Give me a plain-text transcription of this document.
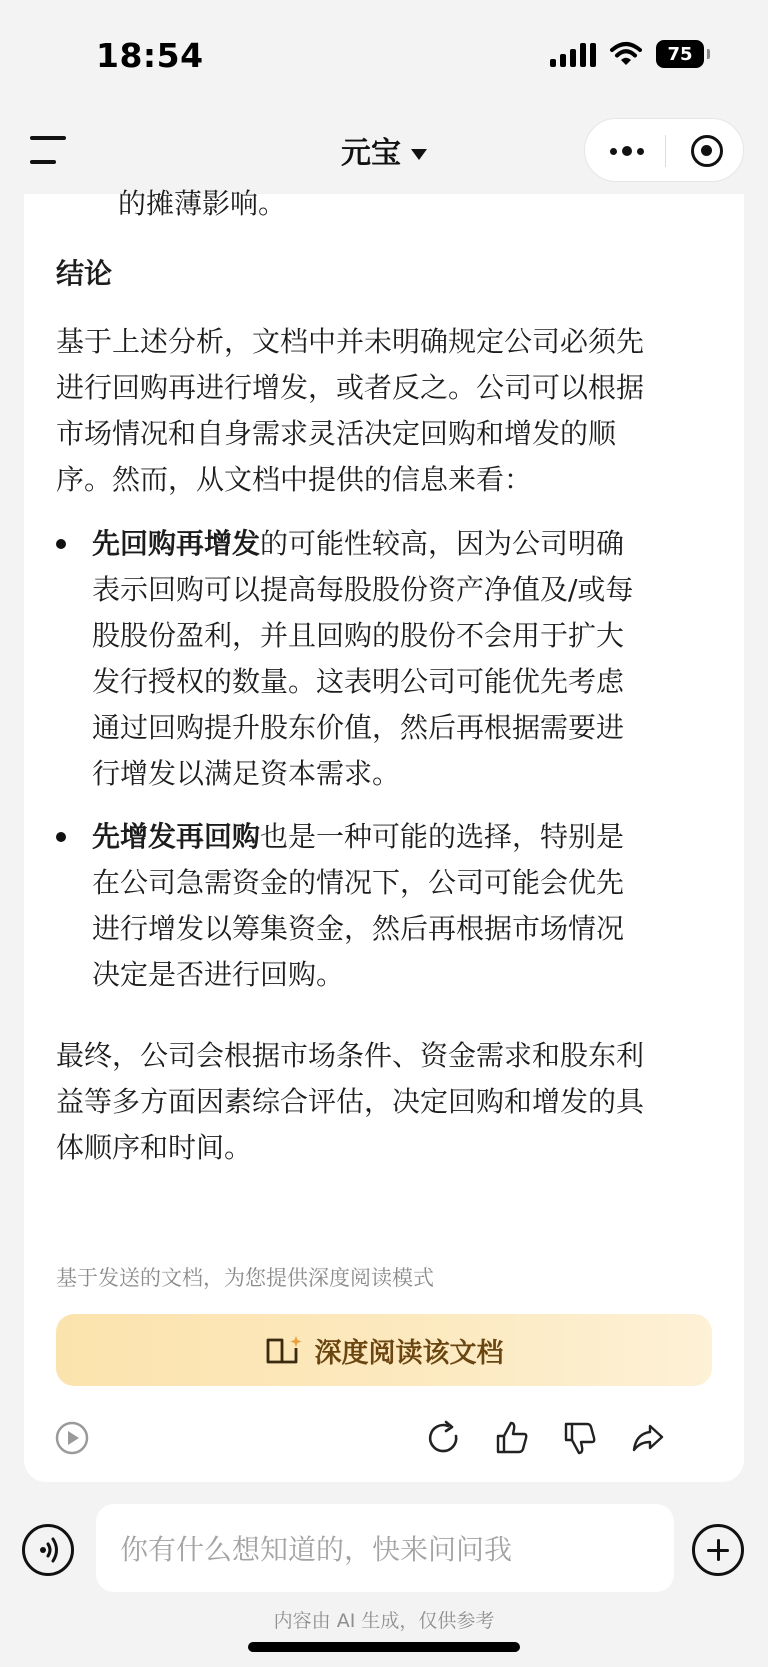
18:54	75
元宝
的摊薄影响。
结论
基于上述分析，文档中并未明确规定公司必须先
进行回购再进行增发，或者反之。公司可以根据
市场情况和自身需求灵活决定回购和增发的顺
序。然而，从文档中提供的信息来看：
先回购再增发的可能性较高，因为公司明确
表示回购可以提高每股股份资产净值及/或每
股股份盈利，并且回购的股份不会用于扩大
发行授权的数量。这表明公司可能优先考虑
通过回购提升股东价值，然后再根据需要进
行增发以满足资本需求。
先增发再回购也是一种可能的选择，特别是
在公司急需资金的情况下，公司可能会优先
进行增发以筹集资金，然后再根据市场情况
决定是否进行回购。
最终，公司会根据市场条件、资金需求和股东利
益等多方面因素综合评估，决定回购和增发的具
体顺序和时间。
基于发送的文档，为您提供深度阅读模式
深度阅读该文档
你有什么想知道的，快来问问我
内容由 AI 生成，仅供参考
